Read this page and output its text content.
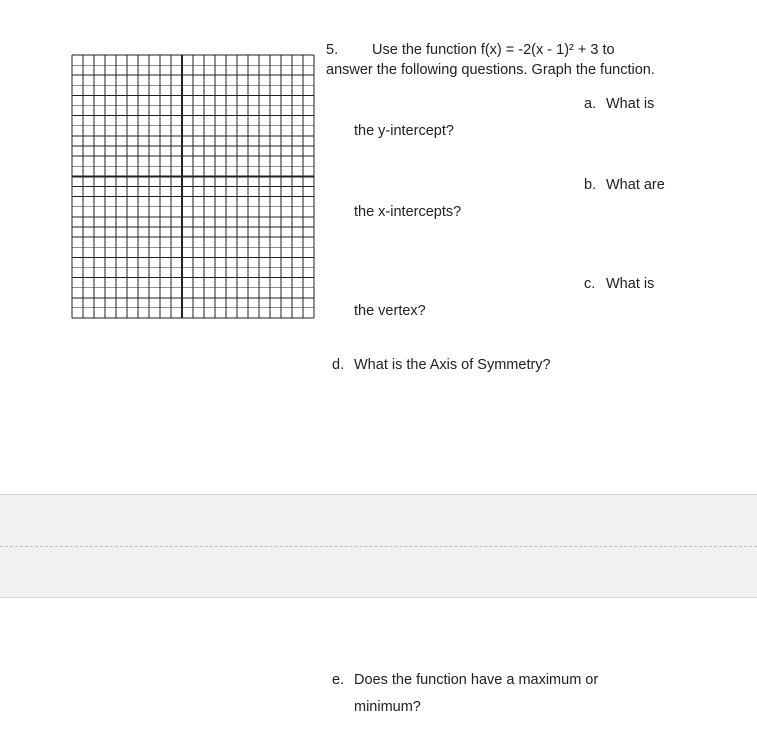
5. Use the function f(x) = -2(x - 1)² + 3 to
answer the following questions. Graph the function.
a. What is
the y-intercept?
b. What are
the x-intercepts?
c. What is
the vertex?
d. What is the Axis of Symmetry?
e. Does the function have a maximum or
minimum?
